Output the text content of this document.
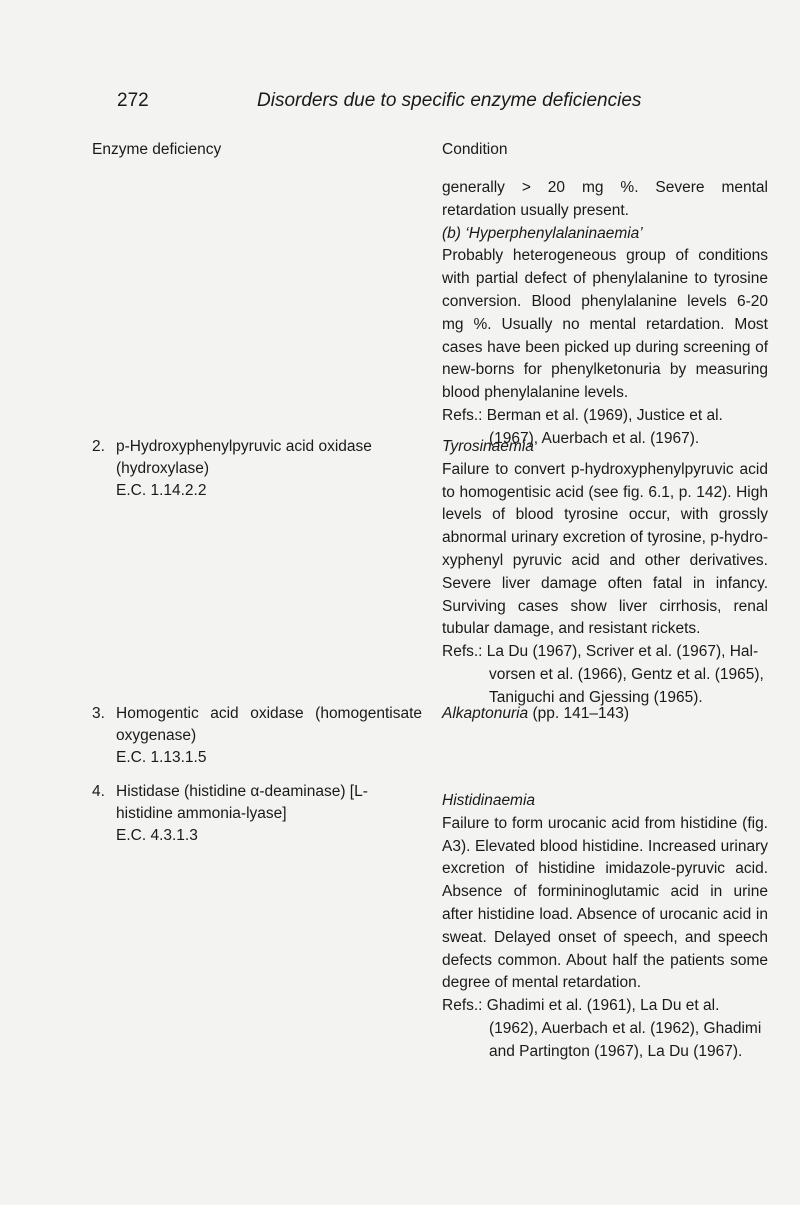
272	Disorders due to specific enzyme deficiencies
Enzyme deficiency	Condition

generally > 20 mg %. Severe mental retardation usually present.

(b) ‘Hyperphenylalaninaemia’

Probably heterogeneous group of conditions with partial defect of phenylalanine to tyrosine conversion. Blood phenylalanine levels 6-20 mg %. Usually no mental retardation. Most cases have been picked up during screening of new-borns for phenylketonuria by measuring blood phenylalanine levels.

Refs.: Berman et al. (1969), Justice et al. (1967), Auerbach et al. (1967).

2. p-Hydroxyphenylpyruvic acid oxidase (hydroxylase)
E.C. 1.14.2.2

Tyrosinaemia

Failure to convert p-hydroxyphenylpyruvic acid to homogentisic acid (see fig. 6.1, p. 142). High levels of blood tyrosine occur, with grossly abnormal urinary excretion of tyrosine, p-hydro-xyphenyl pyruvic acid and other derivatives. Severe liver damage often fatal in infancy. Surviving cases show liver cirrhosis, renal tubular damage, and resistant rickets.

Refs.: La Du (1967), Scriver et al. (1967), Hal-vorsen et al. (1966), Gentz et al. (1965), Taniguchi and Gjessing (1965).

3. Homogentic acid oxidase (homogentisate oxygenase)
E.C. 1.13.1.5

Alkaptonuria (pp. 141–143)

4. Histidase (histidine α-deaminase) [L-histidine ammonia-lyase]
E.C. 4.3.1.3

Histidinaemia

Failure to form urocanic acid from histidine (fig. A3). Elevated blood histidine. Increased urinary excretion of histidine imidazole-pyruvic acid. Absence of formininoglutamic acid in urine after histidine load. Absence of urocanic acid in sweat. Delayed onset of speech, and speech defects common. About half the patients some degree of mental retardation.

Refs.: Ghadimi et al. (1961), La Du et al. (1962), Auerbach et al. (1962), Ghadimi and Partington (1967), La Du (1967).
